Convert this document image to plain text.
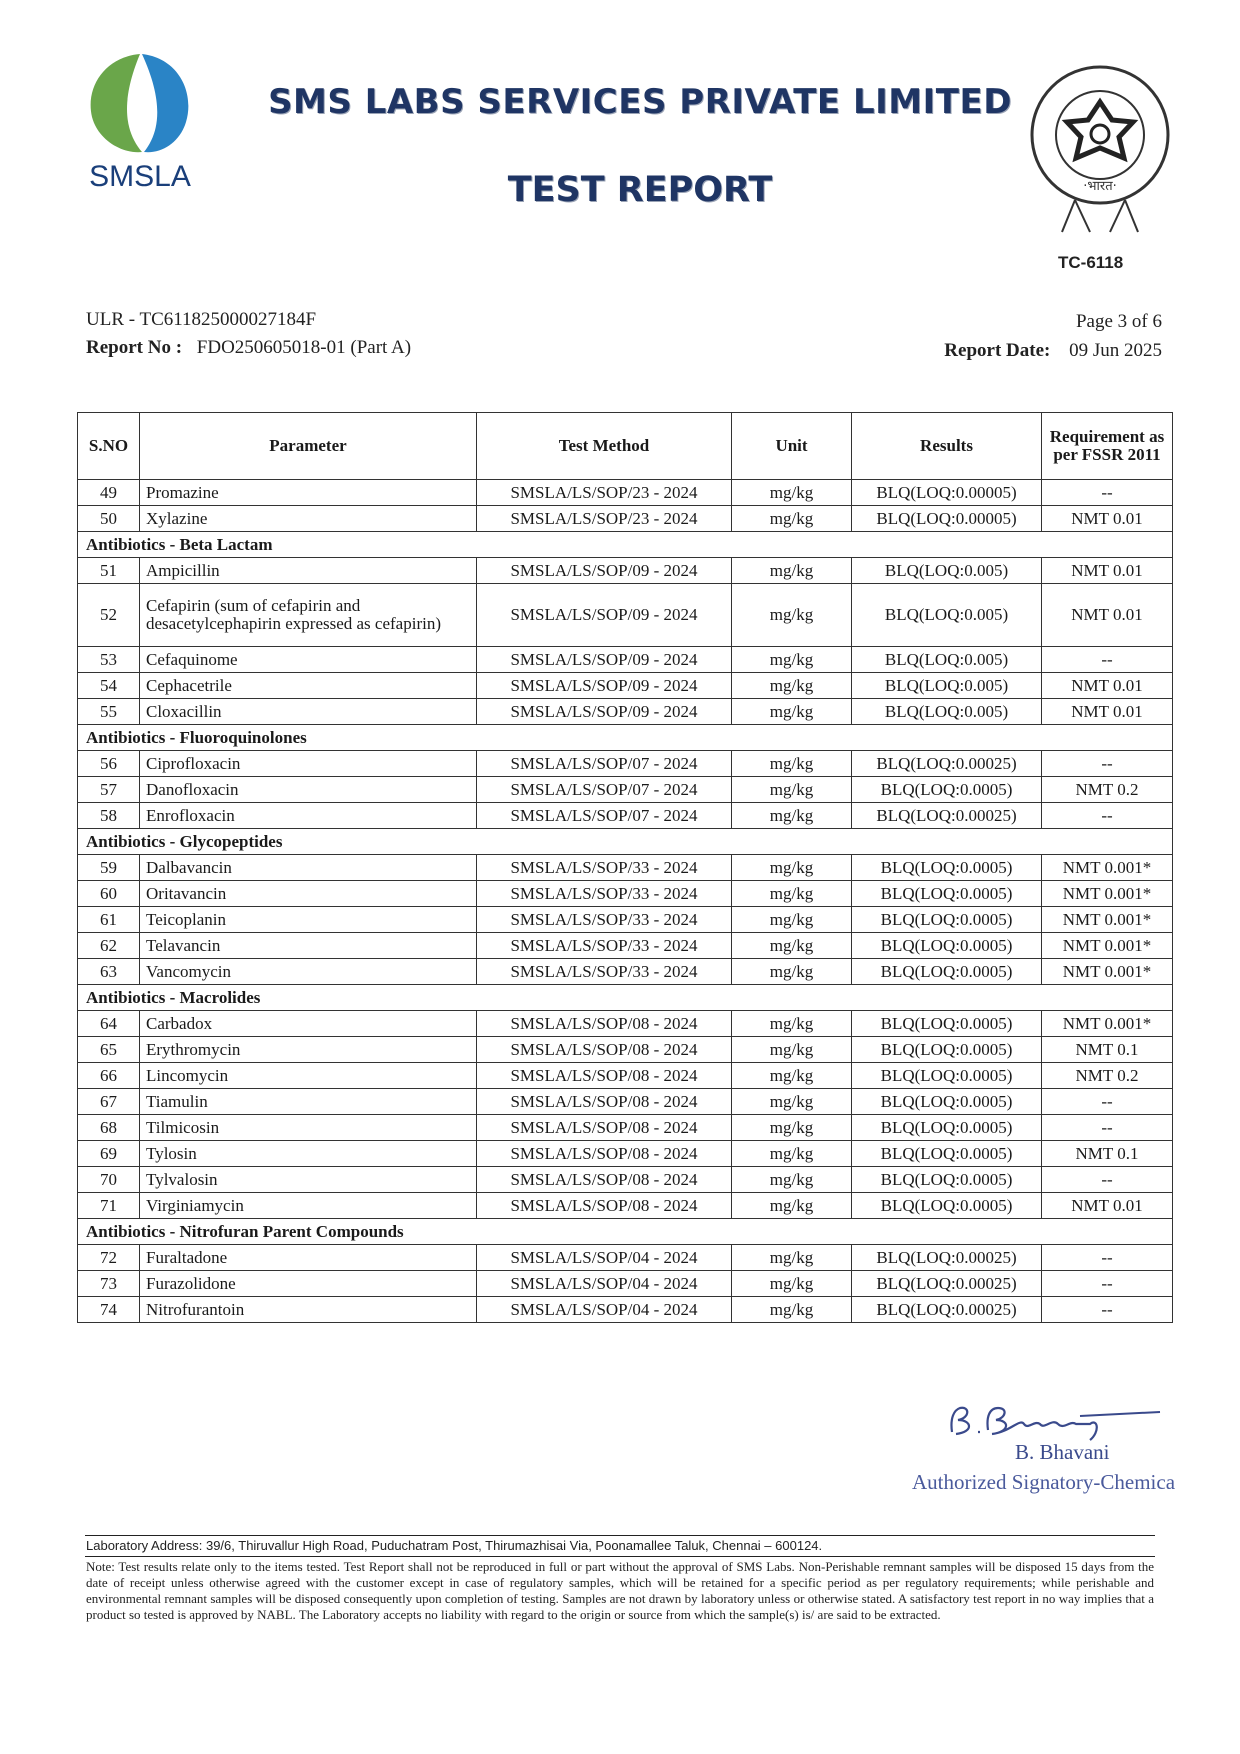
SMSLA
SMS LABS SERVICES PRIVATE LIMITED
TEST REPORT	·भारत·
TC-6118
ULR - TC611825000027184F
Report No : FDO250605018-01 (Part A)
Page 3 of 6
Report Date: 09 Jun 2025
S.NO	Parameter	Test Method	Unit	Results	Requirement as per FSSR 2011
49	Promazine	SMSLA/LS/SOP/23 - 2024	mg/kg	BLQ(LOQ:0.00005)	--
50	Xylazine	SMSLA/LS/SOP/23 - 2024	mg/kg	BLQ(LOQ:0.00005)	NMT 0.01
Antibiotics - Beta Lactam					
51	Ampicillin	SMSLA/LS/SOP/09 - 2024	mg/kg	BLQ(LOQ:0.005)	NMT 0.01
52	Cefapirin (sum of cefapirin and desacetylcephapirin expressed as cefapirin)	SMSLA/LS/SOP/09 - 2024	mg/kg	BLQ(LOQ:0.005)	NMT 0.01
53	Cefaquinome	SMSLA/LS/SOP/09 - 2024	mg/kg	BLQ(LOQ:0.005)	--
54	Cephacetrile	SMSLA/LS/SOP/09 - 2024	mg/kg	BLQ(LOQ:0.005)	NMT 0.01
55	Cloxacillin	SMSLA/LS/SOP/09 - 2024	mg/kg	BLQ(LOQ:0.005)	NMT 0.01
Antibiotics - Fluoroquinolones					
56	Ciprofloxacin	SMSLA/LS/SOP/07 - 2024	mg/kg	BLQ(LOQ:0.00025)	--
57	Danofloxacin	SMSLA/LS/SOP/07 - 2024	mg/kg	BLQ(LOQ:0.0005)	NMT 0.2
58	Enrofloxacin	SMSLA/LS/SOP/07 - 2024	mg/kg	BLQ(LOQ:0.00025)	--
Antibiotics - Glycopeptides					
59	Dalbavancin	SMSLA/LS/SOP/33 - 2024	mg/kg	BLQ(LOQ:0.0005)	NMT 0.001*
60	Oritavancin	SMSLA/LS/SOP/33 - 2024	mg/kg	BLQ(LOQ:0.0005)	NMT 0.001*
61	Teicoplanin	SMSLA/LS/SOP/33 - 2024	mg/kg	BLQ(LOQ:0.0005)	NMT 0.001*
62	Telavancin	SMSLA/LS/SOP/33 - 2024	mg/kg	BLQ(LOQ:0.0005)	NMT 0.001*
63	Vancomycin	SMSLA/LS/SOP/33 - 2024	mg/kg	BLQ(LOQ:0.0005)	NMT 0.001*
Antibiotics - Macrolides					
64	Carbadox	SMSLA/LS/SOP/08 - 2024	mg/kg	BLQ(LOQ:0.0005)	NMT 0.001*
65	Erythromycin	SMSLA/LS/SOP/08 - 2024	mg/kg	BLQ(LOQ:0.0005)	NMT 0.1
66	Lincomycin	SMSLA/LS/SOP/08 - 2024	mg/kg	BLQ(LOQ:0.0005)	NMT 0.2
67	Tiamulin	SMSLA/LS/SOP/08 - 2024	mg/kg	BLQ(LOQ:0.0005)	--
68	Tilmicosin	SMSLA/LS/SOP/08 - 2024	mg/kg	BLQ(LOQ:0.0005)	--
69	Tylosin	SMSLA/LS/SOP/08 - 2024	mg/kg	BLQ(LOQ:0.0005)	NMT 0.1
70	Tylvalosin	SMSLA/LS/SOP/08 - 2024	mg/kg	BLQ(LOQ:0.0005)	--
71	Virginiamycin	SMSLA/LS/SOP/08 - 2024	mg/kg	BLQ(LOQ:0.0005)	NMT 0.01
Antibiotics - Nitrofuran Parent Compounds					
72	Furaltadone	SMSLA/LS/SOP/04 - 2024	mg/kg	BLQ(LOQ:0.00025)	--
73	Furazolidone	SMSLA/LS/SOP/04 - 2024	mg/kg	BLQ(LOQ:0.00025)	--
74	Nitrofurantoin	SMSLA/LS/SOP/04 - 2024	mg/kg	BLQ(LOQ:0.00025)	--
B. Bhavani
Authorized Signatory-Chemica
Laboratory Address: 39/6, Thiruvallur High Road, Puduchatram Post, Thirumazhisai Via, Poonamallee Taluk, Chennai – 600124.
Note: Test results relate only to the items tested. Test Report shall not be reproduced in full or part without the approval of SMS Labs. Non-Perishable remnant samples will be disposed 15 days from the date of receipt unless otherwise agreed with the customer except in case of regulatory samples, which will be retained for a specific period as per regulatory requirements; while perishable and environmental remnant samples will be disposed consequently upon completion of testing. Samples are not drawn by laboratory unless or otherwise stated. A satisfactory test report in no way implies that a product so tested is approved by NABL. The Laboratory accepts no liability with regard to the origin or source from which the sample(s) is/ are said to be extracted.
